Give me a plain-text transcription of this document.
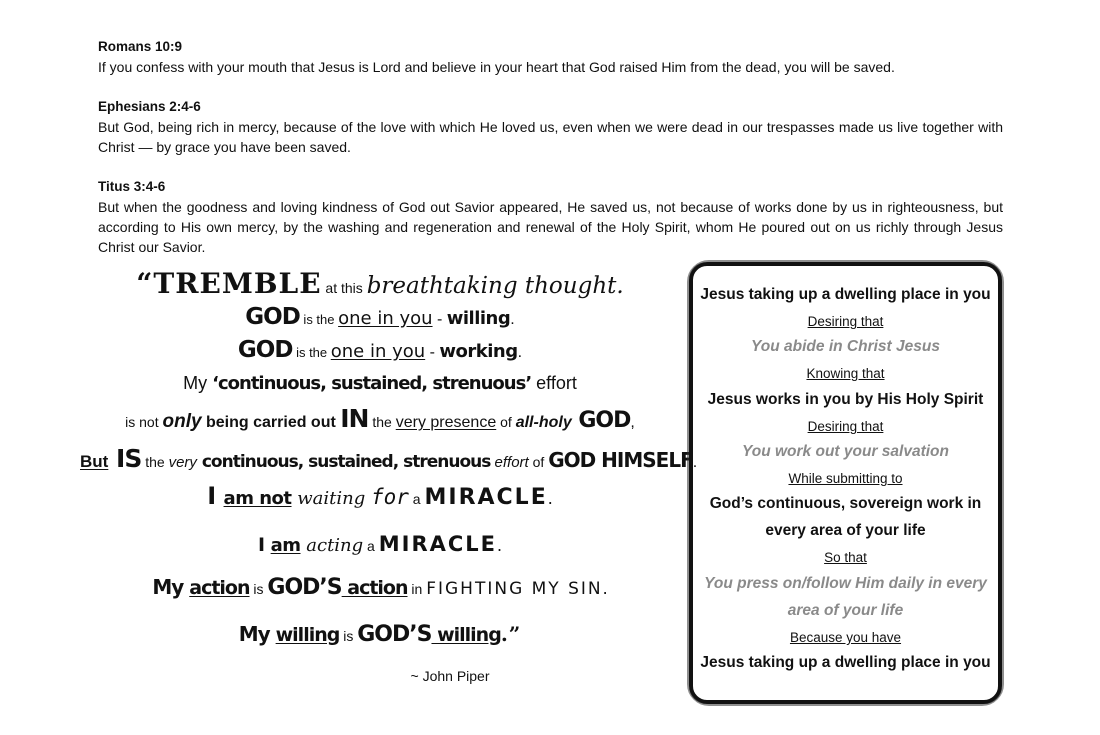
Romans 10:9
If you confess with your mouth that Jesus is Lord and believe in your heart that God raised Him from the dead, you will be saved.
Ephesians 2:4-6
But God, being rich in mercy, because of the love with which He loved us, even when we were dead in our trespasses made us live together with Christ — by grace you have been saved.
Titus 3:4-6
But when the goodness and loving kindness of God out Savior appeared, He saved us, not because of works done by us in righteousness, but according to His own mercy, by the washing and regeneration and renewal of the Holy Spirit, whom He poured out on us richly through Jesus Christ our Savior.
“TREMBLE at this breathtaking thought.
GOD is the one in you - willing.
GOD is the one in you - working.
My ‘continuous, sustained, strenuous’ effort
is not only being carried out IN the very presence of all-holy GOD,
But IS the very continuous, sustained, strenuous effort of GOD HIMSELF.
I am not waiting for a MIRACLE.
I am acting a MIRACLE.
My action is GOD’S action in FIGHTING MY SIN.
My willing is GOD’S willing.”
~ John Piper
Jesus taking up a dwelling place in you
Desiring that
You abide in Christ Jesus
Knowing that
Jesus works in you by His Holy Spirit
Desiring that
You work out your salvation
While submitting to
God’s continuous, sovereign work in
every area of your life
So that
You press on/follow Him daily in every
area of your life
Because you have
Jesus taking up a dwelling place in you
